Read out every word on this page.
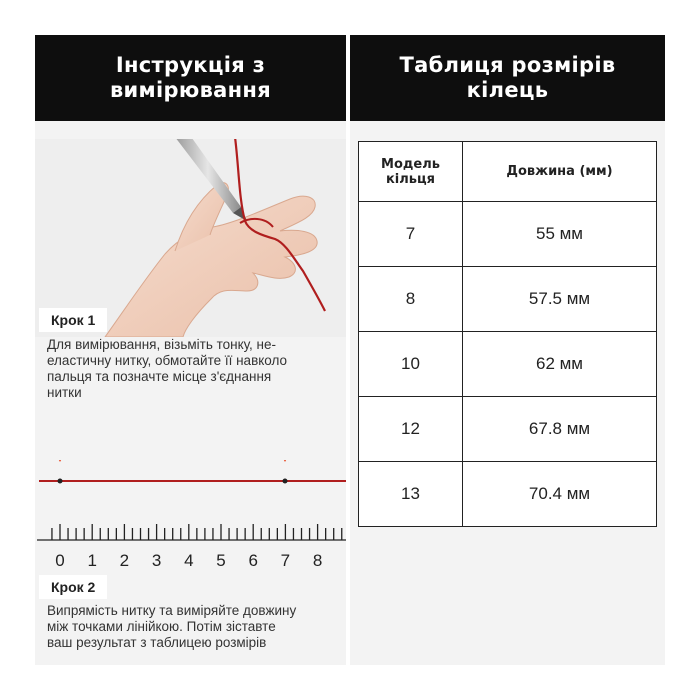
Інструкція з
вимірювання
Крок 1
Для вимірювання, візьміть тонку, не-
еластичну нитку, обмотайте її навколо
пальця та позначте місце з'єднання
нитки
0 1 2 3 4 5 6 7 8
Крок 2
Випрямість нитку та виміряйте довжину
між точками лінійкою. Потім зіставте
ваш результат з таблицею розмірів
Таблиця розмірів
кілець
Модель
кільця	Довжина (мм)
7	55 мм
8	57.5 мм
10	62 мм
12	67.8 мм
13	70.4 мм
